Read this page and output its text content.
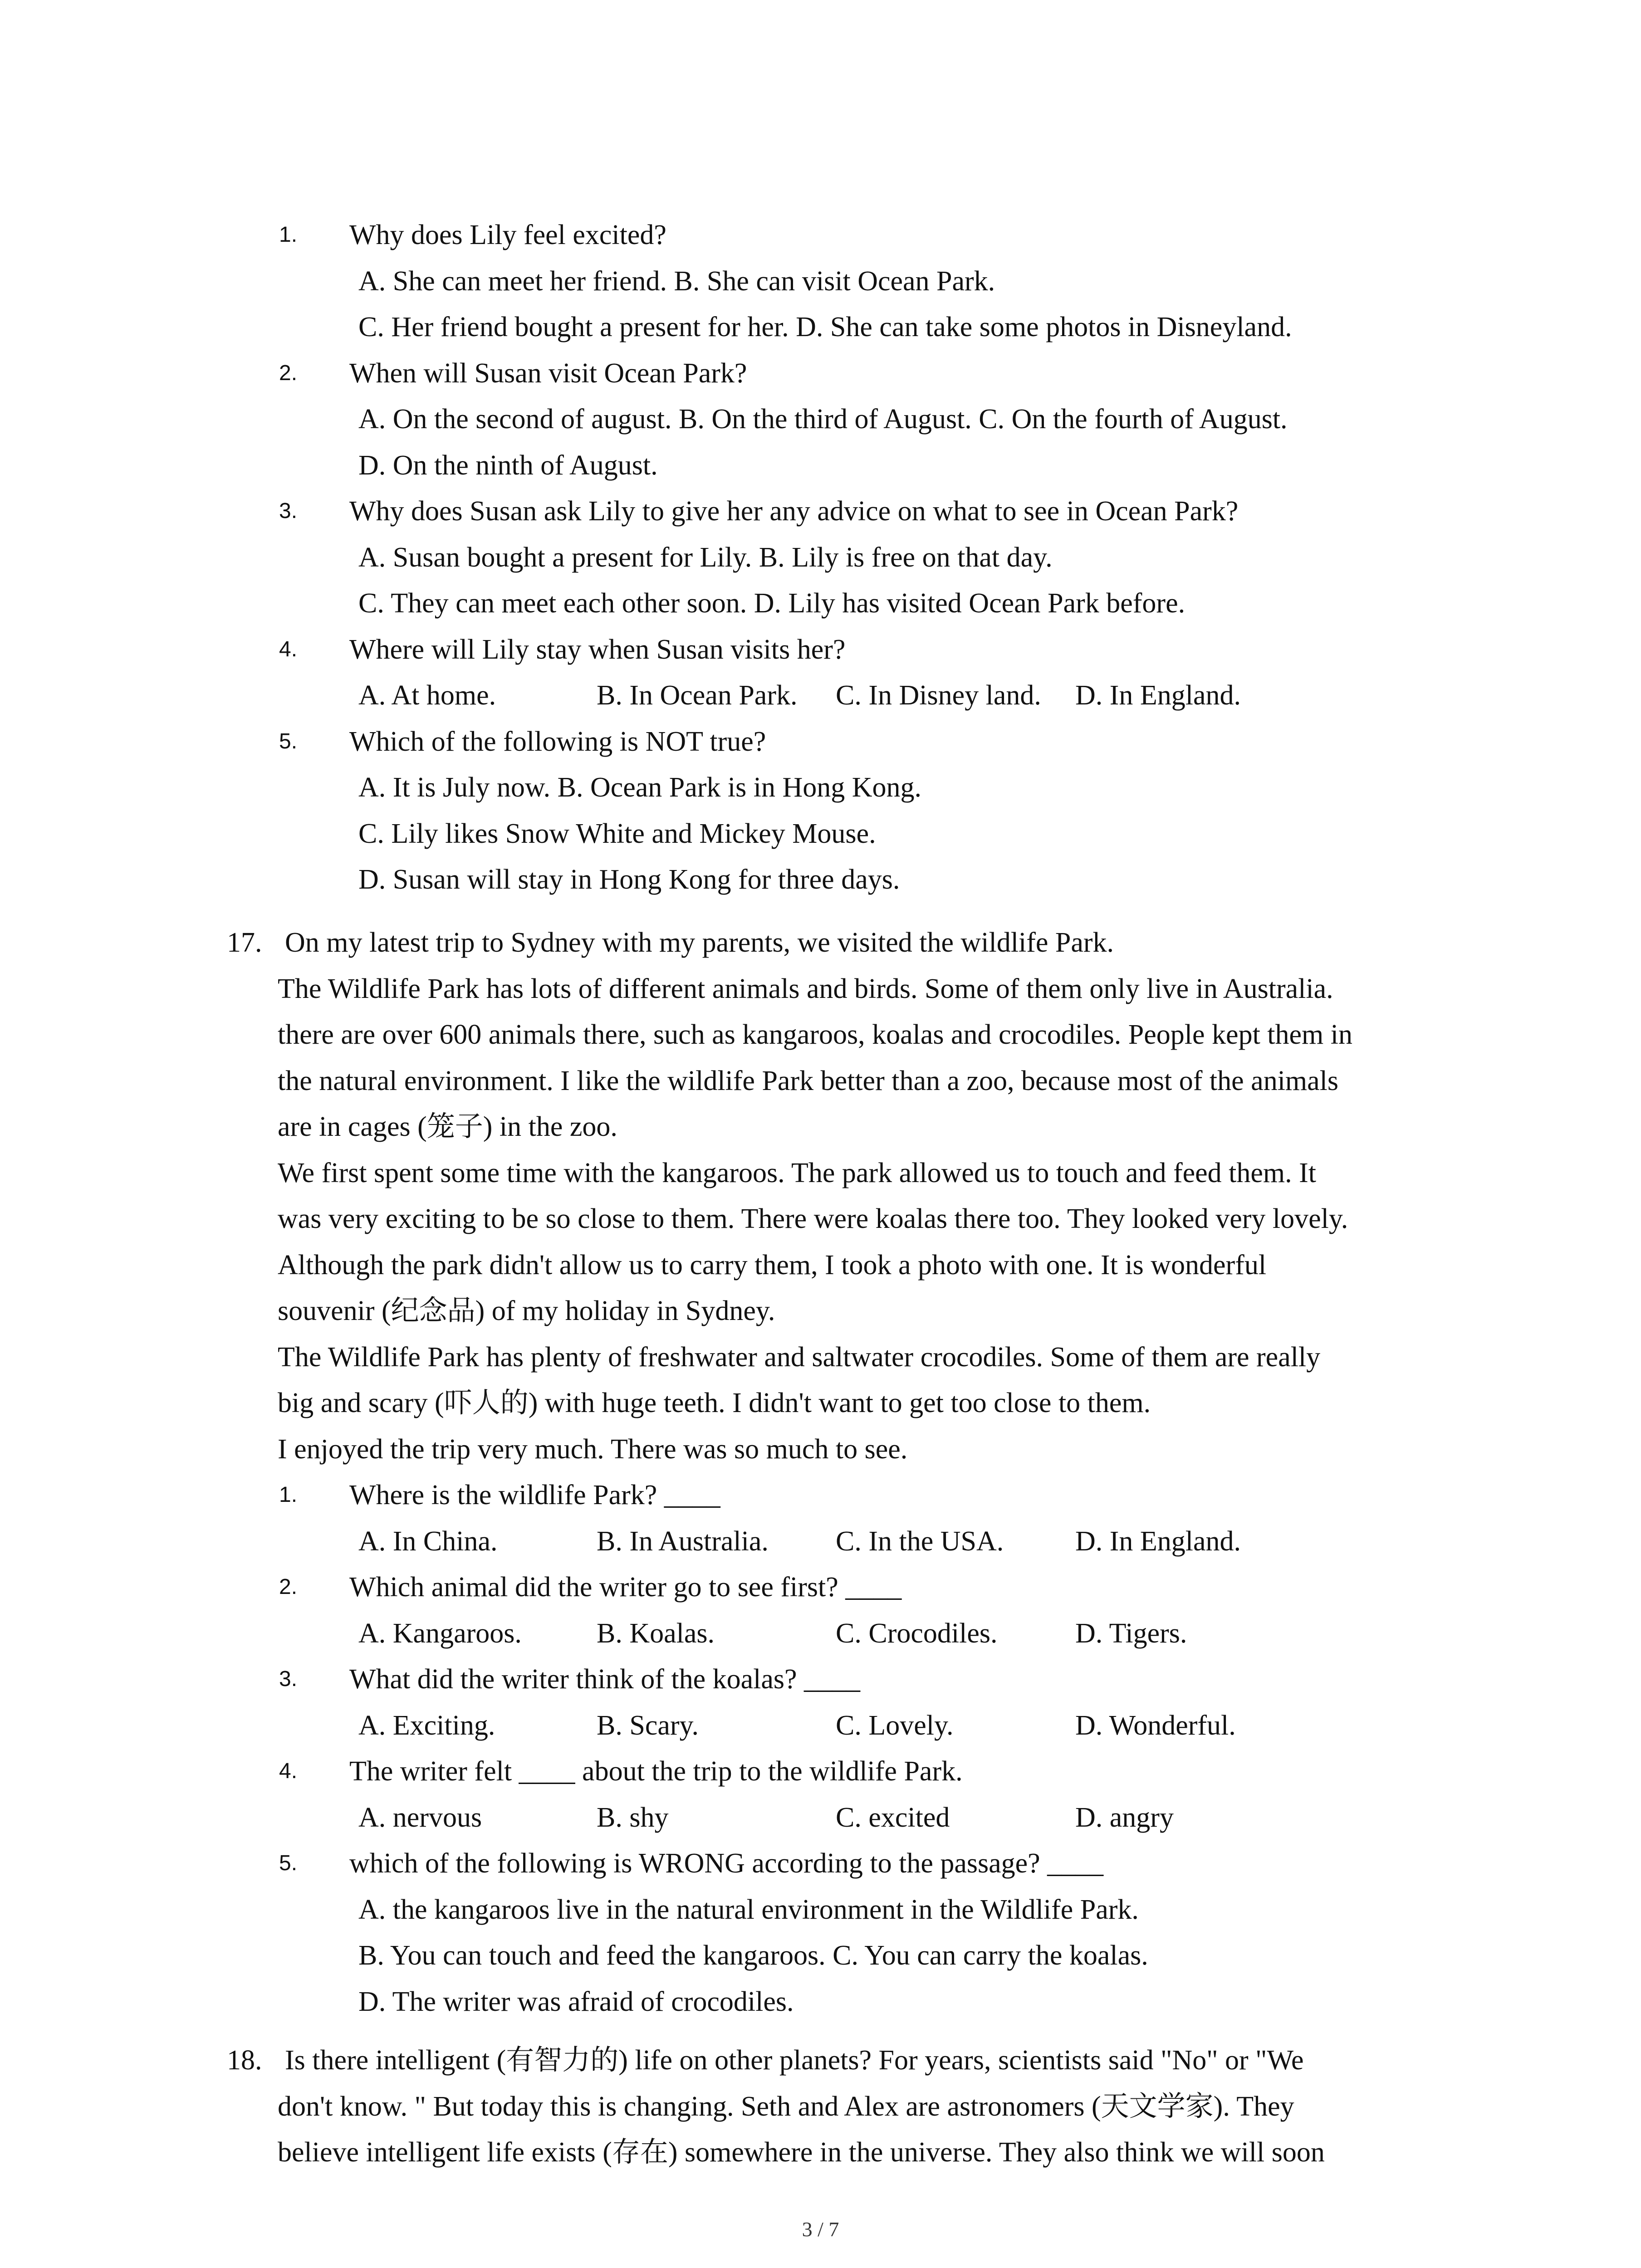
1. Why does Lily feel excited?
A. She can meet her friend. B. She can visit Ocean Park.
C. Her friend bought a present for her. D. She can take some photos in Disneyland.
2. When will Susan visit Ocean Park?
A. On the second of august. B. On the third of August. C. On the fourth of August.
D. On the ninth of August.
3. Why does Susan ask Lily to give her any advice on what to see in Ocean Park?
A. Susan bought a present for Lily. B. Lily is free on that day.
C. They can meet each other soon. D. Lily has visited Ocean Park before.
4. Where will Lily stay when Susan visits her?
A. At home.	B. In Ocean Park. C. In Disney land. D. In England.
5. Which of the following is NOT true?
A. It is July now. B. Ocean Park is in Hong Kong.
C. Lily likes Snow White and Mickey Mouse.
D. Susan will stay in Hong Kong for three days.
17. On my latest trip to Sydney with my parents, we visited the wildlife Park.
The Wildlife Park has lots of different animals and birds. Some of them only live in Australia.
there are over 600 animals there, such as kangaroos, koalas and crocodiles. People kept them in
the natural environment. I like the wildlife Park better than a zoo, because most of the animals
are in cages (笼子) in the zoo.
We first spent some time with the kangaroos. The park allowed us to touch and feed them. It
was very exciting to be so close to them. There were koalas there too. They looked very lovely.
Although the park didn't allow us to carry them, I took a photo with one. It is wonderful
souvenir (纪念品) of my holiday in Sydney.
The Wildlife Park has plenty of freshwater and saltwater crocodiles. Some of them are really
big and scary (吓人的) with huge teeth. I didn't want to get too close to them.
I enjoyed the trip very much. There was so much to see.
1. Where is the wildlife Park? ____
A. In China.	B. In Australia. C. In the USA.	D. In England.
2. Which animal did the writer go to see first? ____
A. Kangaroos.	B. Koalas.	C. Crocodiles.	D. Tigers.
3. What did the writer think of the koalas? ____
A. Exciting.	B. Scary.	C. Lovely.	D. Wonderful.
4. The writer felt ____ about the trip to the wildlife Park.
A. nervous	B. shy	C. excited	D. angry
5. which of the following is WRONG according to the passage? ____
A. the kangaroos live in the natural environment in the Wildlife Park.
B. You can touch and feed the kangaroos. C. You can carry the koalas.
D. The writer was afraid of crocodiles.
18. Is there intelligent (有智力的) life on other planets? For years, scientists said "No" or "We
don't know. " But today this is changing. Seth and Alex are astronomers (天文学家). They
believe intelligent life exists (存在) somewhere in the universe. They also think we will soon
3 / 7
